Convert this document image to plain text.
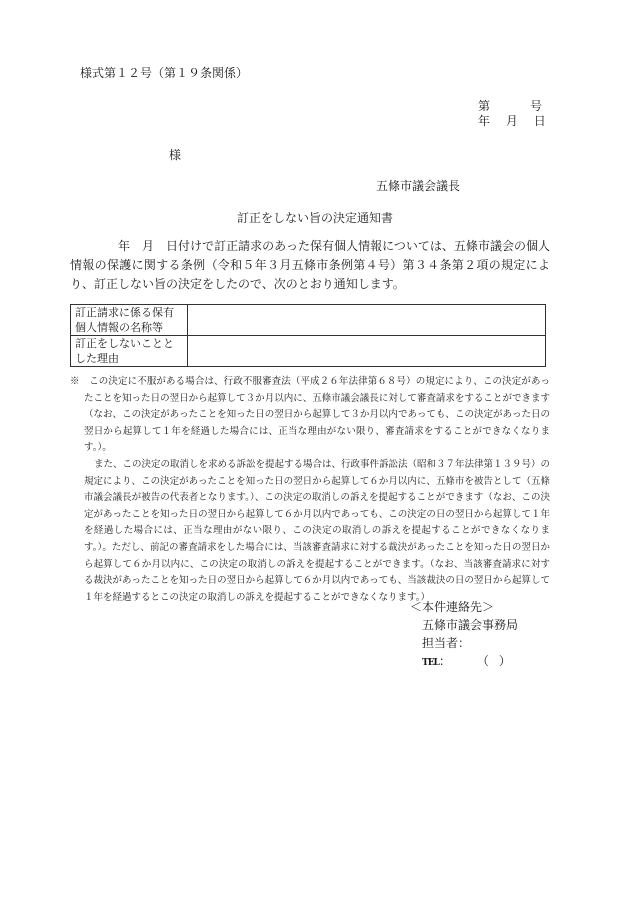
様式第１２号（第１９条関係）
第	号
年 月 日
様
五條市議会議長
訂正をしない旨の決定通知書

年　月　日付けで訂正請求のあった保有個人情報については、五條市議会の個人情報の保護に関する条例（令和５年３月五條市条例第４号）第３４条第２項の規定により、訂正しない旨の決定をしたので、次のとおり通知します。

訂正請求に係る保有個人情報の名称等	
訂正をしないこととした理由	

※　この決定に不服がある場合は、行政不服審査法（平成２６年法律第６８号）の規定により、この決定があったことを知った日の翌日から起算して３か月以内に、五條市議会議長に対して審査請求をすることができます（なお、この決定があったことを知った日の翌日から起算して３か月以内であっても、この決定があった日の翌日から起算して１年を経過した場合には、正当な理由がない限り、審査請求をすることができなくなります。）。

また、この決定の取消しを求める訴訟を提起する場合は、行政事件訴訟法（昭和３７年法律第１３９号）の規定により、この決定があったことを知った日の翌日から起算して６か月以内に、五條市を被告として（五條市議会議長が被告の代表者となります。）、この決定の取消しの訴えを提起することができます（なお、この決定があったことを知った日の翌日から起算して６か月以内であっても、この決定の日の翌日から起算して１年を経過した場合には、正当な理由がない限り、この決定の取消しの訴えを提起することができなくなります。）。ただし、前記の審査請求をした場合には、当該審査請求に対する裁決があったことを知った日の翌日から起算して６か月以内に、この決定の取消しの訴えを提起することができます。（なお、当該審査請求に対する裁決があったことを知った日の翌日から起算して６か月以内であっても、当該裁決の日の翌日から起算して１年を経過するとこの決定の取消しの訴えを提起することができなくなります。）

＜本件連絡先＞
五條市議会事務局
担当者：
TEL： （ ）
